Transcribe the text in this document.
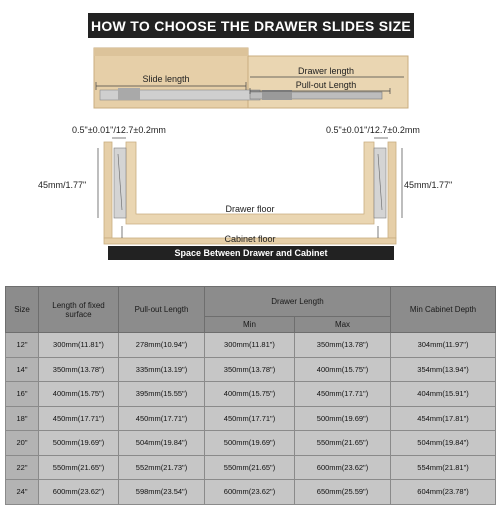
HOW TO CHOOSE THE DRAWER SLIDES SIZE
Slide length
Drawer length
Pull-out Length
0.5"±0.01"/12.7±0.2mm	0.5"±0.01"/12.7±0.2mm
45mm/1.77"	45mm/1.77"
Drawer floor
Cabinet floor
Space Between Drawer and Cabinet
Size	Length of fixed surface	Pull-out Length	Drawer Length		Min Cabinet Depth
			Min	Max	
12"	300mm(11.81")	278mm(10.94")	300mm(11.81")	350mm(13.78")	304mm(11.97")
14"	350mm(13.78")	335mm(13.19")	350mm(13.78")	400mm(15.75")	354mm(13.94")
16"	400mm(15.75")	395mm(15.55")	400mm(15.75")	450mm(17.71")	404mm(15.91")
18"	450mm(17.71")	450mm(17.71")	450mm(17.71")	500mm(19.69")	454mm(17.81")
20"	500mm(19.69")	504mm(19.84")	500mm(19.69")	550mm(21.65")	504mm(19.84")
22"	550mm(21.65")	552mm(21.73")	550mm(21.65")	600mm(23.62")	554mm(21.81")
24"	600mm(23.62")	598mm(23.54")	600mm(23.62")	650mm(25.59")	604mm(23.78")
